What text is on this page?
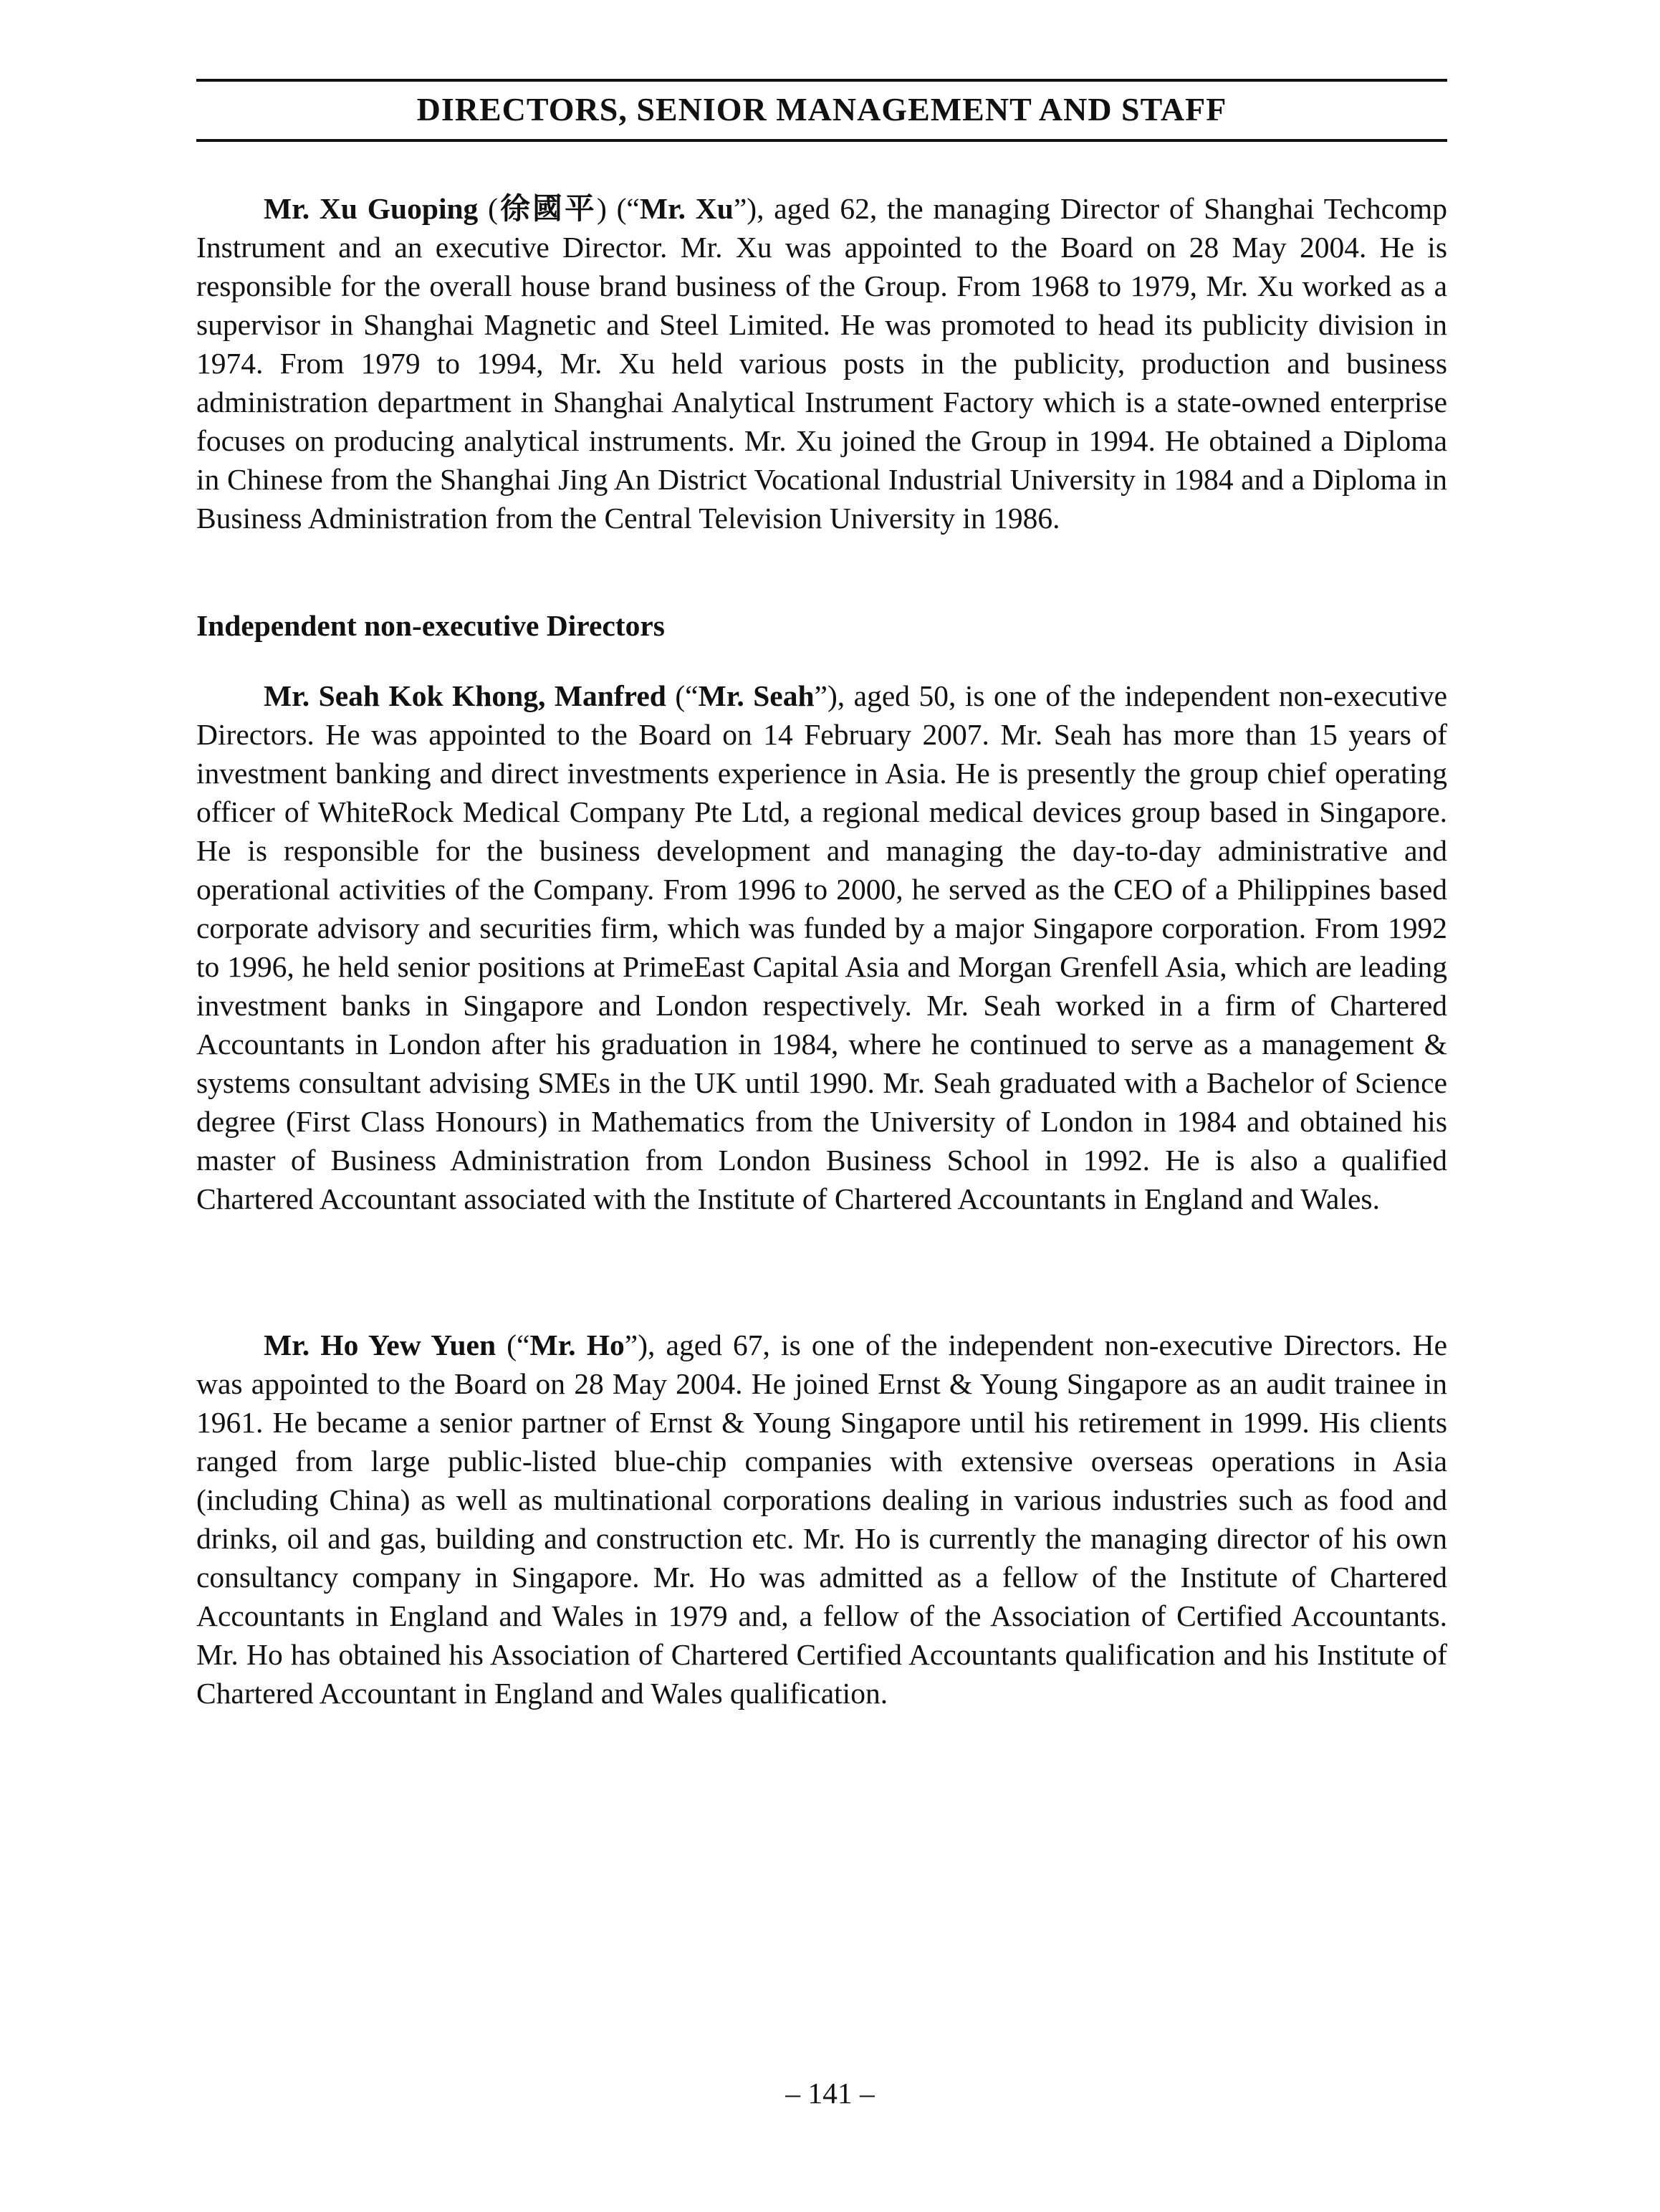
DIRECTORS, SENIOR MANAGEMENT AND STAFF

Mr. Xu Guoping (徐國平) (“Mr. Xu”), aged 62, the managing Director of Shanghai Techcomp Instrument and an executive Director. Mr. Xu was appointed to the Board on 28 May 2004. He is responsible for the overall house brand business of the Group. From 1968 to 1979, Mr. Xu worked as a supervisor in Shanghai Magnetic and Steel Limited. He was promoted to head its publicity division in 1974. From 1979 to 1994, Mr. Xu held various posts in the publicity, production and business administration department in Shanghai Analytical Instrument Factory which is a state-owned enterprise focuses on producing analytical instruments. Mr. Xu joined the Group in 1994. He obtained a Diploma in Chinese from the Shanghai Jing An District Vocational Industrial University in 1984 and a Diploma in Business Administration from the Central Television University in 1986.

Independent non-executive Directors

Mr. Seah Kok Khong, Manfred (“Mr. Seah”), aged 50, is one of the independent non-executive Directors. He was appointed to the Board on 14 February 2007. Mr. Seah has more than 15 years of investment banking and direct investments experience in Asia. He is presently the group chief operating officer of WhiteRock Medical Company Pte Ltd, a regional medical devices group based in Singapore. He is responsible for the business development and managing the day-to-day administrative and operational activities of the Company. From 1996 to 2000, he served as the CEO of a Philippines based corporate advisory and securities firm, which was funded by a major Singapore corporation. From 1992 to 1996, he held senior positions at PrimeEast Capital Asia and Morgan Grenfell Asia, which are leading investment banks in Singapore and London respectively. Mr. Seah worked in a firm of Chartered Accountants in London after his graduation in 1984, where he continued to serve as a management & systems consultant advising SMEs in the UK until 1990. Mr. Seah graduated with a Bachelor of Science degree (First Class Honours) in Mathematics from the University of London in 1984 and obtained his master of Business Administration from London Business School in 1992. He is also a qualified Chartered Accountant associated with the Institute of Chartered Accountants in England and Wales.

Mr. Ho Yew Yuen (“Mr. Ho”), aged 67, is one of the independent non-executive Directors. He was appointed to the Board on 28 May 2004. He joined Ernst & Young Singapore as an audit trainee in 1961. He became a senior partner of Ernst & Young Singapore until his retirement in 1999. His clients ranged from large public-listed blue-chip companies with extensive overseas operations in Asia (including China) as well as multinational corporations dealing in various industries such as food and drinks, oil and gas, building and construction etc. Mr. Ho is currently the managing director of his own consultancy company in Singapore. Mr. Ho was admitted as a fellow of the Institute of Chartered Accountants in England and Wales in 1979 and, a fellow of the Association of Certified Accountants. Mr. Ho has obtained his Association of Chartered Certified Accountants qualification and his Institute of Chartered Accountant in England and Wales qualification.

– 141 –
